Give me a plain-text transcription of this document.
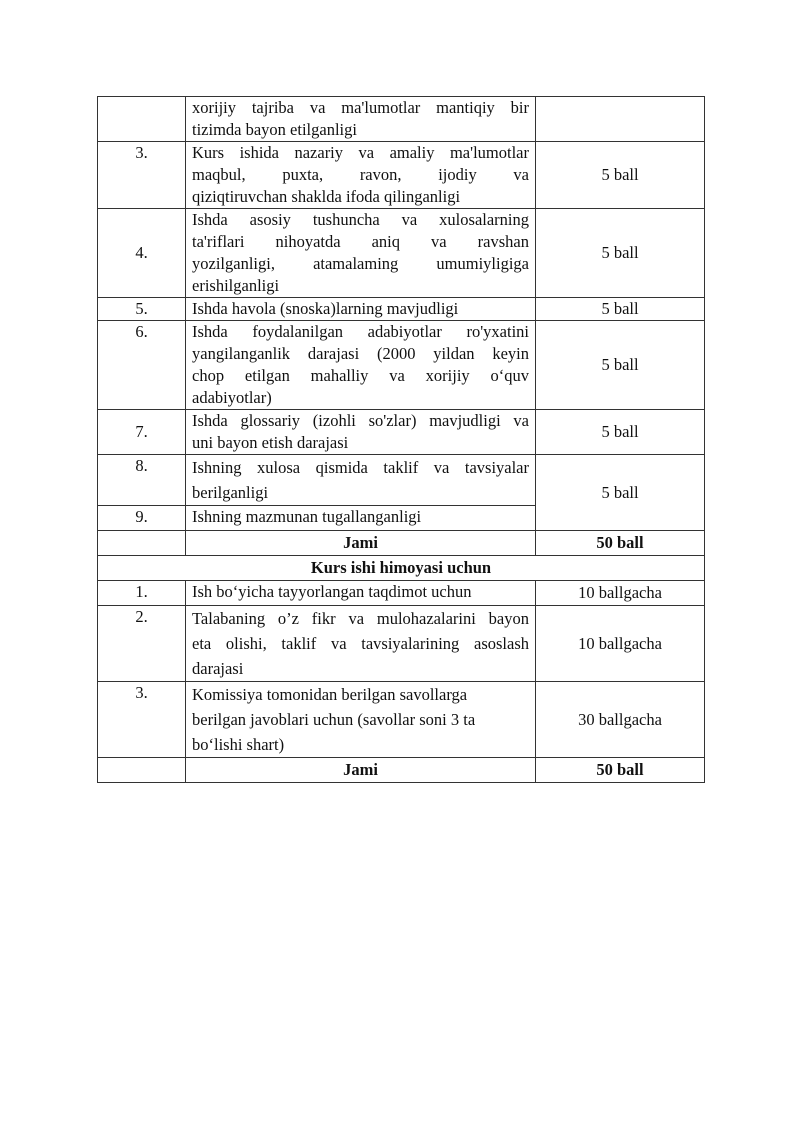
	xorijiy tajriba va ma'lumotlar mantiqiy bir
tizimda bayon etilganligi	

3.	Kurs ishida nazariy va amaliy ma'lumotlar
maqbul, puxta, ravon, ijodiy va
qiziqtiruvchan shaklda ifoda qilinganligi	5 ball
4.	Ishda asosiy tushuncha va xulosalarning
ta'riflari nihoyatda aniq va ravshan
yozilganligi, atamalaming umumiyligiga
erishilganligi	5 ball
5.	Ishda havola (snoska)larning mavjudligi	5 ball
6.	Ishda foydalanilgan adabiyotlar ro'yxatini
yangilanganlik darajasi (2000 yildan keyin
chop etilgan mahalliy va xorijiy o‘quv
adabiyotlar)	5 ball
7.	Ishda glossariy (izohli so'zlar) mavjudligi va
uni bayon etish darajasi	5 ball
8.	Ishning xulosa qismida taklif va tavsiyalar
berilganligi	5 ball
9.	Ishning mazmunan tugallanganligi	

	Jami	50 ball
Kurs ishi himoyasi uchun		
1.	Ish bo‘yicha tayyorlangan taqdimot uchun	10 ballgacha
2.	Talabaning o’z fikr va mulohazalarini bayon
eta olishi, taklif va tavsiyalarining asoslash
darajasi	10 ballgacha
3.	Komissiya tomonidan berilgan savollarga
berilgan javoblari uchun (savollar soni 3 ta
bo‘lishi shart)	30 ballgacha
	Jami	50 ball
